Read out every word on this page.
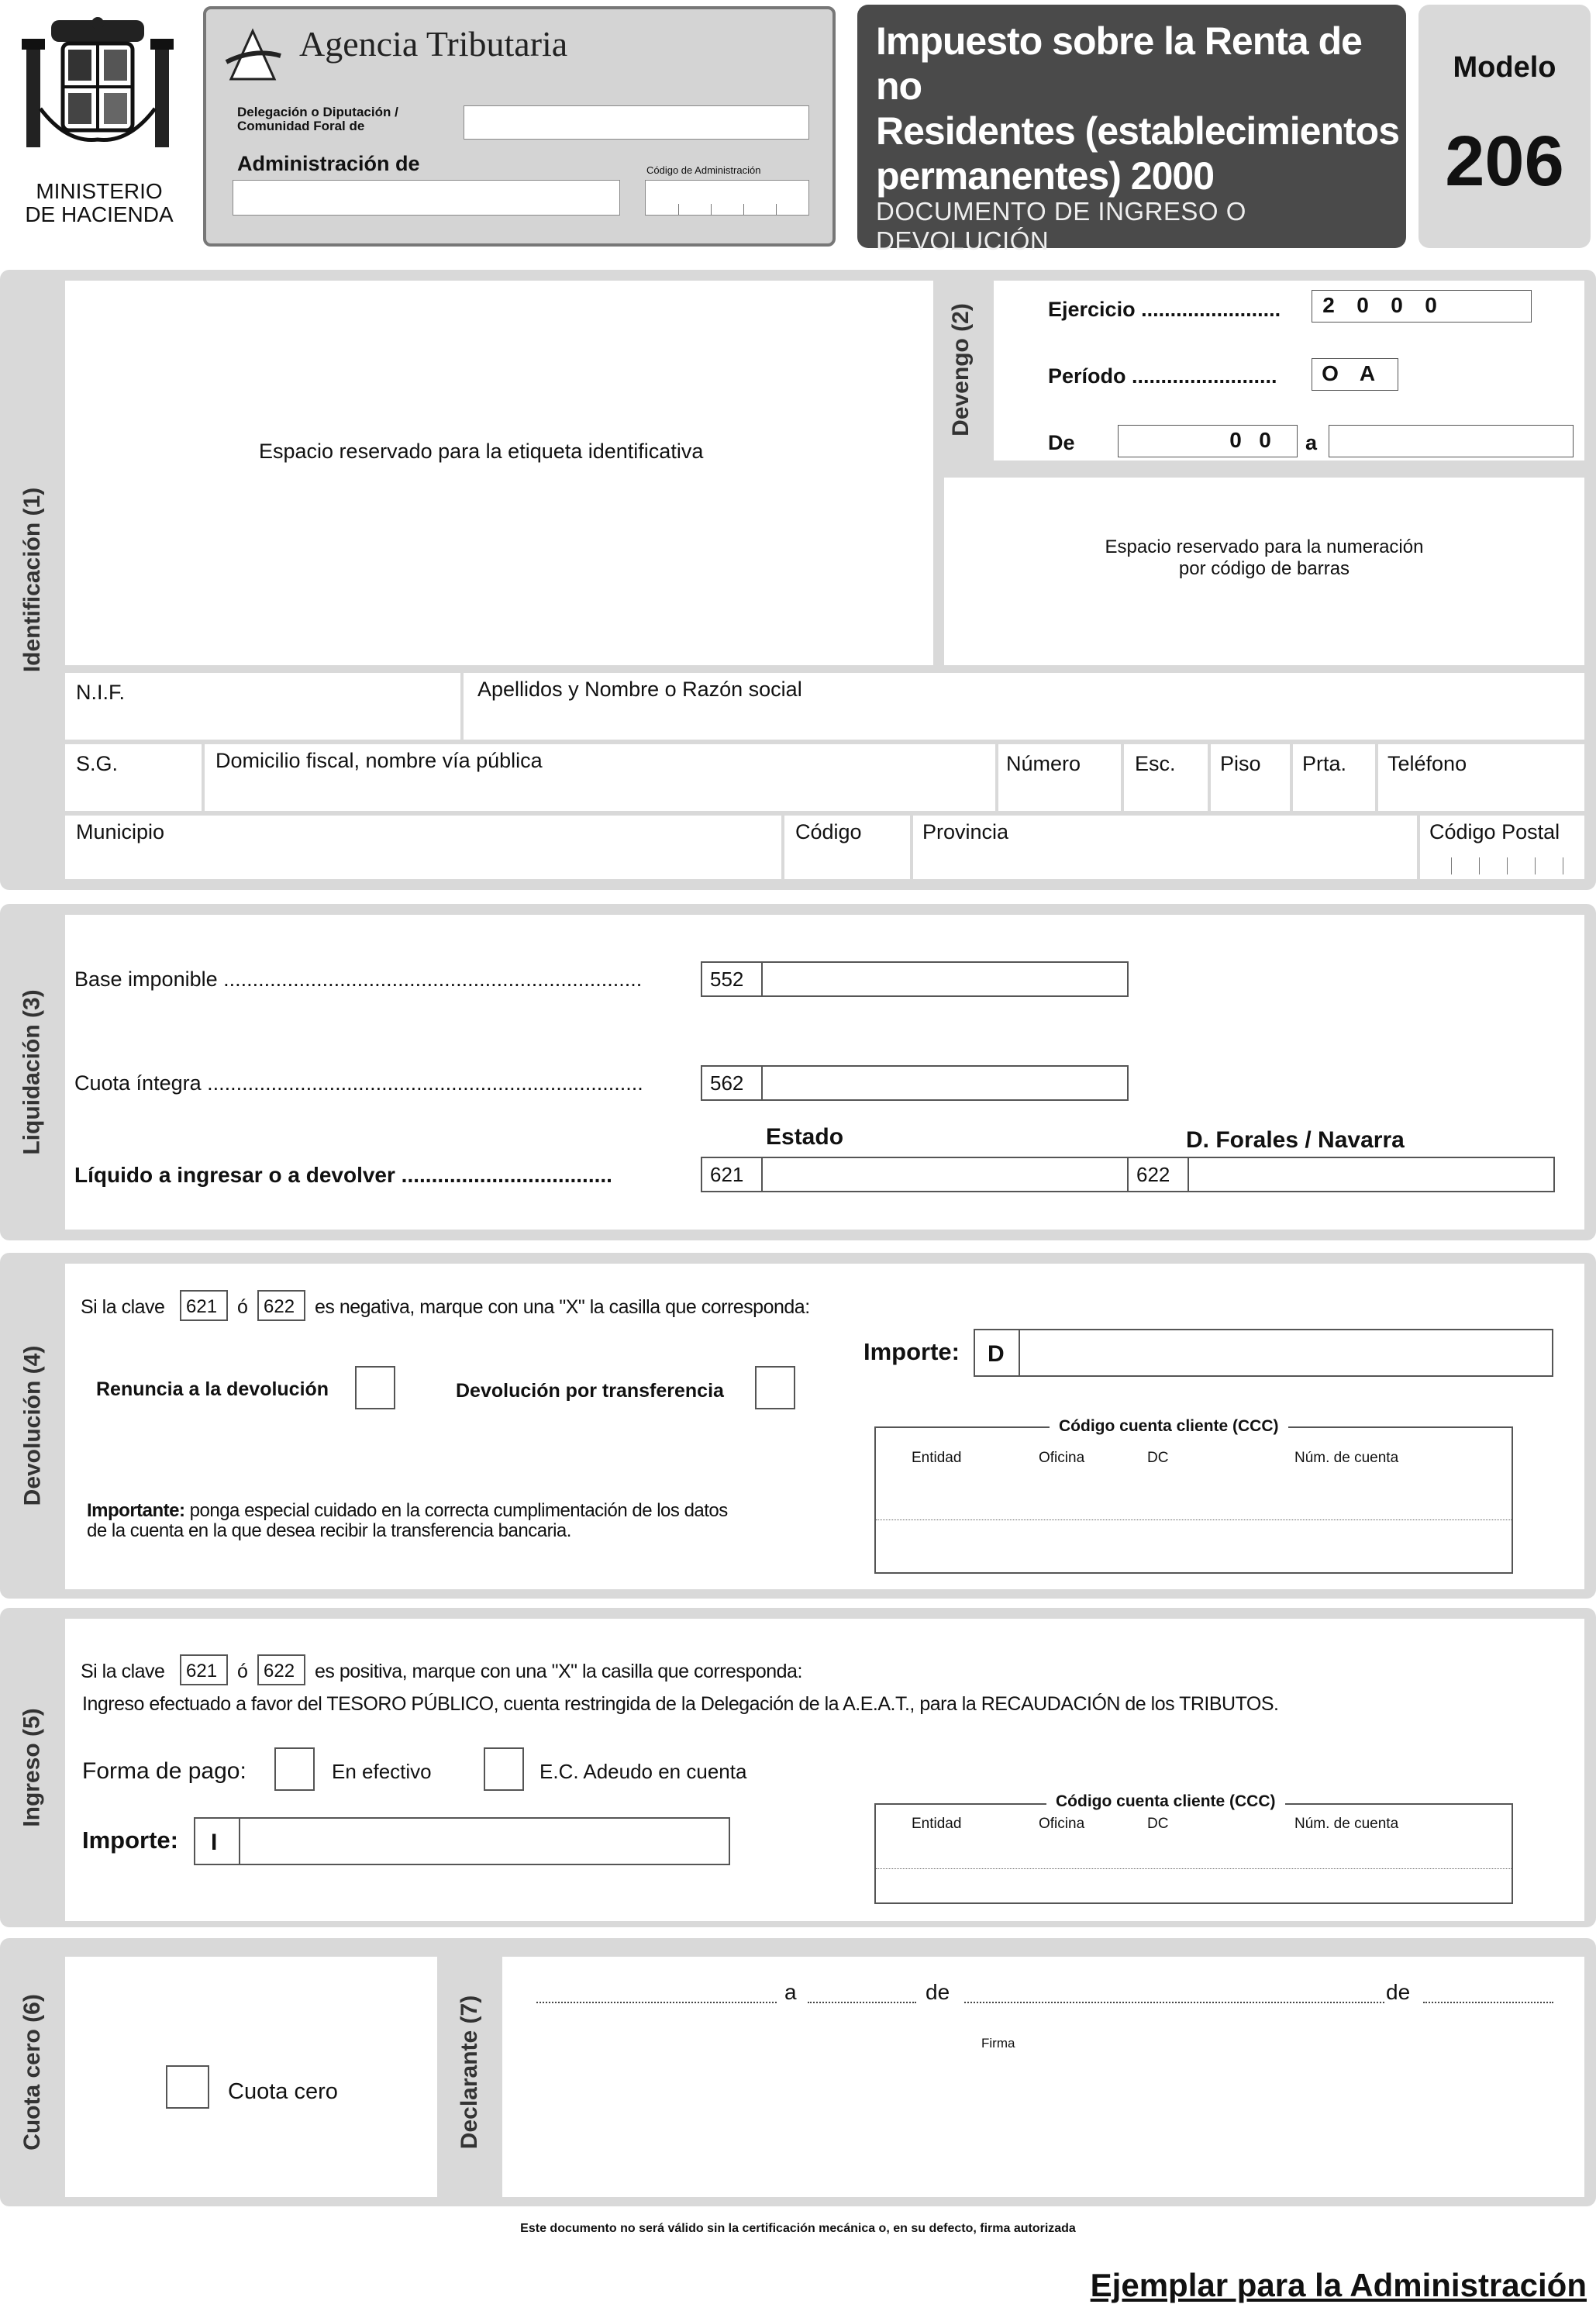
MINISTERIO
DE HACIENDA
Agencia Tributaria
Delegación o Diputación /
Comunidad Foral de
Administración de	Código de Administración
Impuesto sobre la Renta de no
Residentes (establecimientos
permanentes) 2000
DOCUMENTO DE INGRESO O DEVOLUCIÓN
Modelo
206
Identificación (1)
Espacio reservado para la etiqueta identificativa
Devengo (2)	Ejercicio ........................	2	0	0	0
Período ......................... O A
De	0 0	a
Espacio reservado para la numeración
por código de barras
N.I.F.	Apellidos y Nombre o Razón social
S.G.	Domicilio fiscal, nombre vía pública	Número	Esc. Piso Prta. Teléfono
Municipio	Código	Provincia	Código Postal
Liquidación (3)
Base imponible ........................................................................	552
Cuota íntegra ...........................................................................	562
Estado	D. Forales / Navarra
Líquido a ingresar o a devolver ...................................	621	622
Devolución (4)
Si la clave 621 ó 622 es negativa, marque con una "X" la casilla que corresponda:
Importe: D
Renuncia a la devolución	Devolución por transferencia
Código cuenta cliente (CCC)
Entidad	Oficina	DC	Núm. de cuenta
Importante: ponga especial cuidado en la correcta cumplimentación de los datos
de la cuenta en la que desea recibir la transferencia bancaria.
Ingreso (5)
Si la clave 621 ó 622 es positiva, marque con una "X" la casilla que corresponda:
Ingreso efectuado a favor del TESORO PÚBLICO, cuenta restringida de la Delegación de la A.E.A.T., para la RECAUDACIÓN de los TRIBUTOS.
Forma de pago:	En efectivo	E.C. Adeudo en cuenta
Importe: I
Código cuenta cliente (CCC)
Entidad	Oficina	DC	Núm. de cuenta
Cuota cero (6)	Cuota cero	Declarante (7)
a	de	de
Firma
Este documento no será válido sin la certificación mecánica o, en su defecto, firma autorizada
Ejemplar para la Administración
